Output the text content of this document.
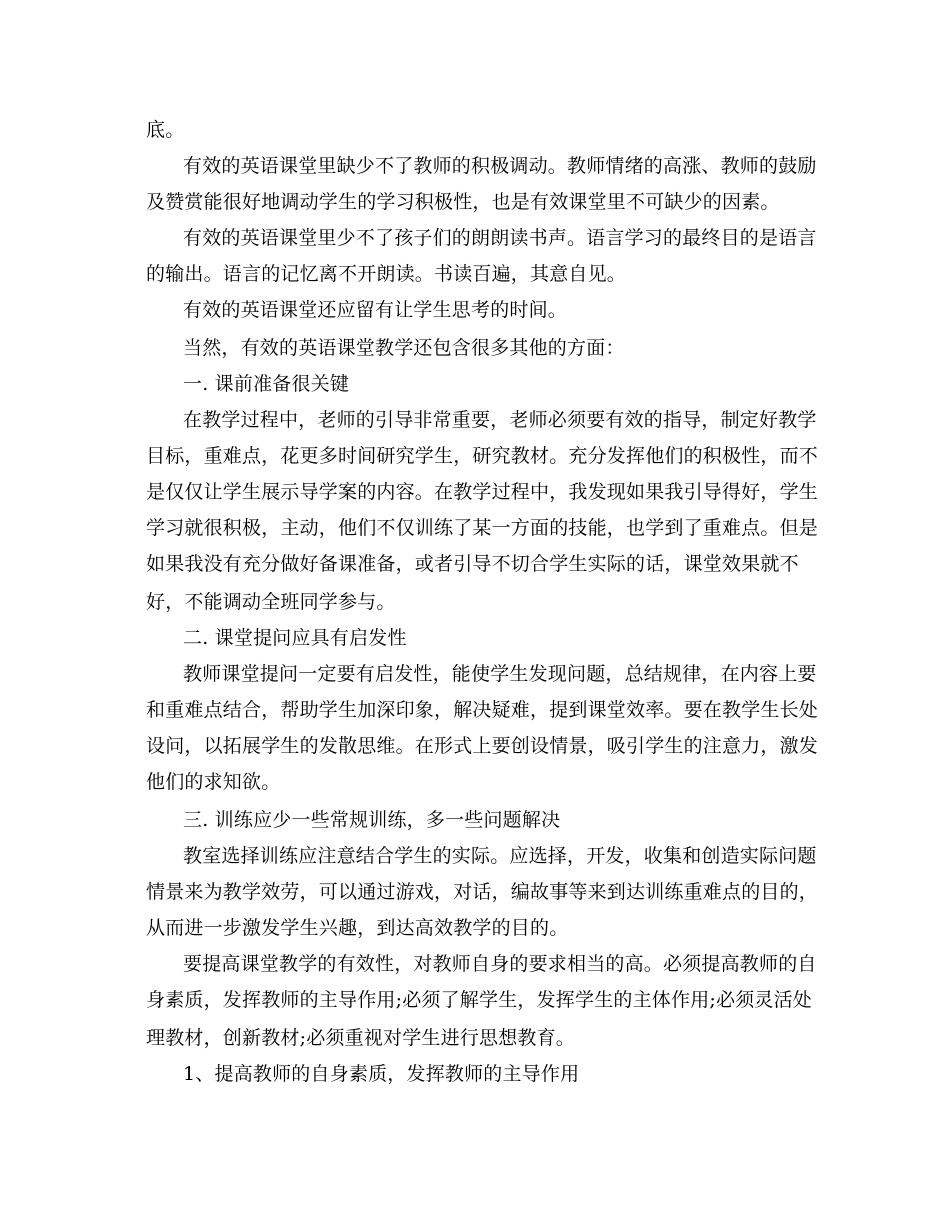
底。
有效的英语课堂里缺少不了教师的积极调动。教师情绪的高涨、教师的鼓励
及赞赏能很好地调动学生的学习积极性，也是有效课堂里不可缺少的因素。
有效的英语课堂里少不了孩子们的朗朗读书声。语言学习的最终目的是语言
的输出。语言的记忆离不开朗读。书读百遍，其意自见。
有效的英语课堂还应留有让学生思考的时间。
当然，有效的英语课堂教学还包含很多其他的方面：
一. 课前准备很关键
在教学过程中，老师的引导非常重要，老师必须要有效的指导，制定好教学
目标，重难点，花更多时间研究学生，研究教材。充分发挥他们的积极性，而不
是仅仅让学生展示导学案的内容。在教学过程中，我发现如果我引导得好，学生
学习就很积极，主动，他们不仅训练了某一方面的技能，也学到了重难点。但是
如果我没有充分做好备课准备，或者引导不切合学生实际的话，课堂效果就不
好，不能调动全班同学参与。
二. 课堂提问应具有启发性
教师课堂提问一定要有启发性，能使学生发现问题，总结规律，在内容上要
和重难点结合，帮助学生加深印象，解决疑难，提到课堂效率。要在教学生长处
设问，以拓展学生的发散思维。在形式上要创设情景，吸引学生的注意力，激发
他们的求知欲。
三. 训练应少一些常规训练，多一些问题解决
教室选择训练应注意结合学生的实际。应选择，开发，收集和创造实际问题
情景来为教学效劳，可以通过游戏，对话，编故事等来到达训练重难点的目的，
从而进一步激发学生兴趣，到达高效教学的目的。
要提高课堂教学的有效性，对教师自身的要求相当的高。必须提高教师的自
身素质，发挥教师的主导作用;必须了解学生，发挥学生的主体作用;必须灵活处
理教材，创新教材;必须重视对学生进行思想教育。
1、提高教师的自身素质，发挥教师的主导作用
